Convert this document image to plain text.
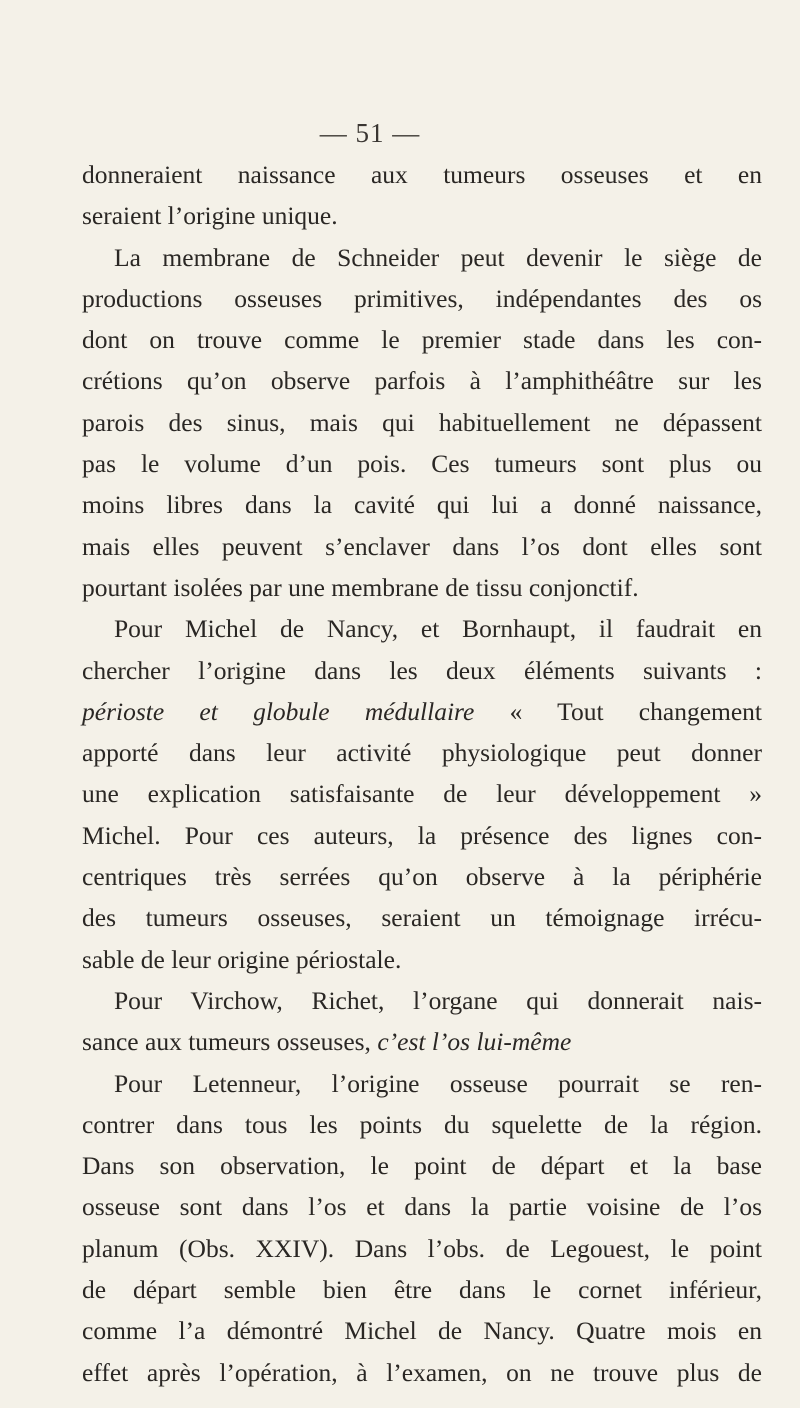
— 51 —
donneraient naissance aux tumeurs osseuses et en
seraient l’origine unique.
La membrane de Schneider peut devenir le siège de
productions osseuses primitives, indépendantes des os
dont on trouve comme le premier stade dans les con-
crétions qu’on observe parfois à l’amphithéâtre sur les
parois des sinus, mais qui habituellement ne dépassent
pas le volume d’un pois. Ces tumeurs sont plus ou
moins libres dans la cavité qui lui a donné naissance,
mais elles peuvent s’enclaver dans l’os dont elles sont
pourtant isolées par une membrane de tissu conjonctif.
Pour Michel de Nancy, et Bornhaupt, il faudrait en
chercher l’origine dans les deux éléments suivants :
périoste et globule médullaire « Tout changement
apporté dans leur activité physiologique peut donner
une explication satisfaisante de leur développement »
Michel. Pour ces auteurs, la présence des lignes con-
centriques très serrées qu’on observe à la périphérie
des tumeurs osseuses, seraient un témoignage irrécu-
sable de leur origine périostale.
Pour Virchow, Richet, l’organe qui donnerait nais-
sance aux tumeurs osseuses, c’est l’os lui-même
Pour Letenneur, l’origine osseuse pourrait se ren-
contrer dans tous les points du squelette de la région.
Dans son observation, le point de départ et la base
osseuse sont dans l’os et dans la partie voisine de l’os
planum (Obs. XXIV). Dans l’obs. de Legouest, le point
de départ semble bien être dans le cornet inférieur,
comme l’a démontré Michel de Nancy. Quatre mois en
effet après l’opération, à l’examen, on ne trouve plus de
